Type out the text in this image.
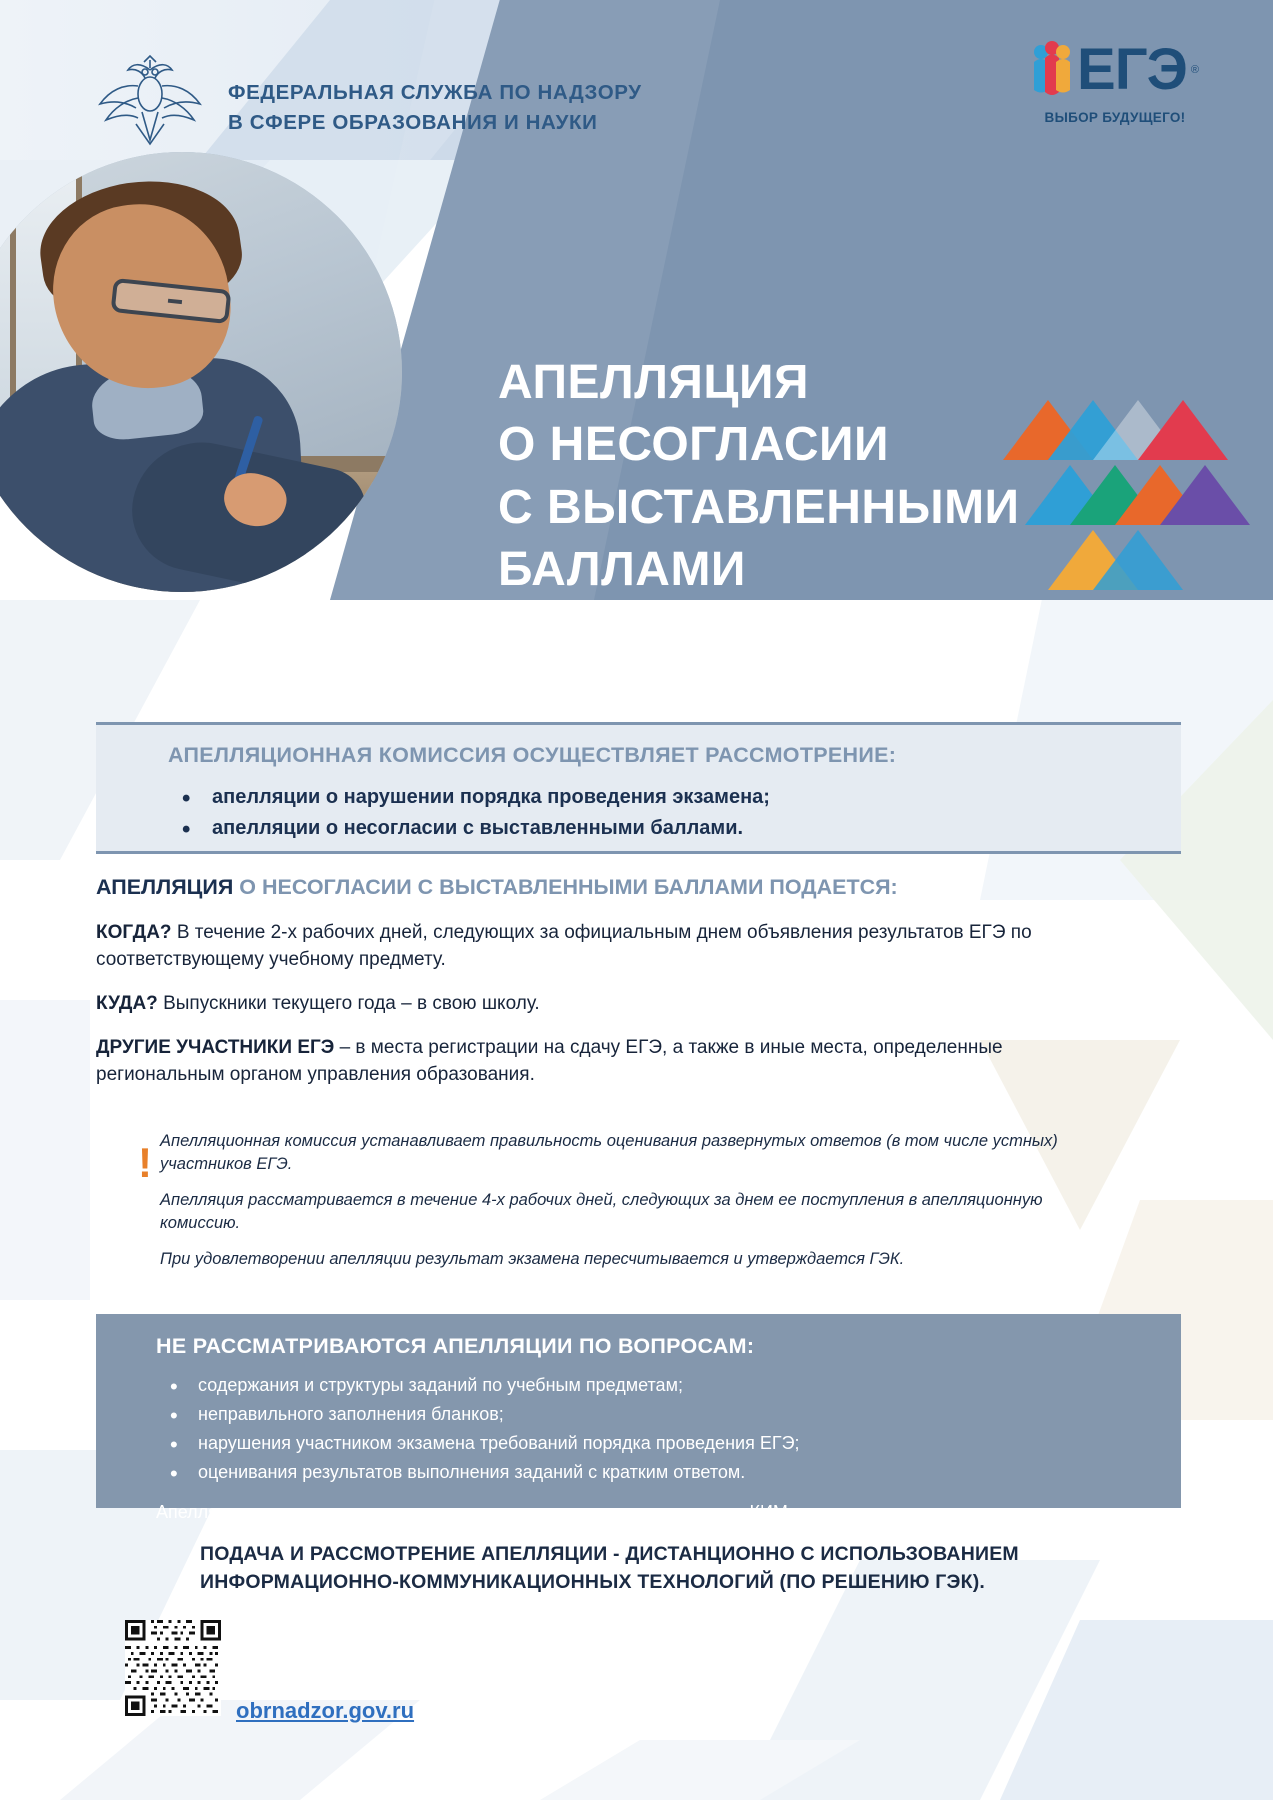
ФЕДЕРАЛЬНАЯ СЛУЖБА ПО НАДЗОРУ
В СФЕРЕ ОБРАЗОВАНИЯ И НАУКИ
ЕГЭ ®
ВЫБОР БУДУЩЕГО!
АПЕЛЛЯЦИЯ
О НЕСОГЛАСИИ
С ВЫСТАВЛЕННЫМИ
БАЛЛАМИ
АПЕЛЛЯЦИОННАЯ КОМИССИЯ ОСУЩЕСТВЛЯЕТ РАССМОТРЕНИЕ:
• апелляции о нарушении порядка проведения экзамена;
• апелляции о несогласии с выставленными баллами.
АПЕЛЛЯЦИЯ О НЕСОГЛАСИИ С ВЫСТАВЛЕННЫМИ БАЛЛАМИ ПОДАЕТСЯ:

КОГДА? В течение 2-х рабочих дней, следующих за официальным днем объявления результатов ЕГЭ по соответствующему учебному предмету.

КУДА? Выпускники текущего года – в свою школу.

ДРУГИЕ УЧАСТНИКИ ЕГЭ – в места регистрации на сдачу ЕГЭ, а также в иные места, определенные региональным органом управления образования.

! Апелляционная комиссия устанавливает правильность оценивания развернутых ответов (в том числе устных) участников ЕГЭ.

Апелляция рассматривается в течение 4-х рабочих дней, следующих за днем ее поступления в апелляционную комиссию.

При удовлетворении апелляции результат экзамена пересчитывается и утверждается ГЭК.

НЕ РАССМАТРИВАЮТСЯ АПЕЛЛЯЦИИ ПО ВОПРОСАМ:
• содержания и структуры заданий по учебным предметам;
• неправильного заполнения бланков;
• нарушения участником экзамена требований порядка проведения ЕГЭ;
• оценивания результатов выполнения заданий с кратким ответом.
Апелляционная комиссия не рассматривает записи в черновиках и на КИМ.
ПОДАЧА И РАССМОТРЕНИЕ АПЕЛЛЯЦИИ - ДИСТАНЦИОННО С ИСПОЛЬЗОВАНИЕМ
ИНФОРМАЦИОННО-КОММУНИКАЦИОННЫХ ТЕХНОЛОГИЙ (ПО РЕШЕНИЮ ГЭК).
obrnadzor.gov.ru
